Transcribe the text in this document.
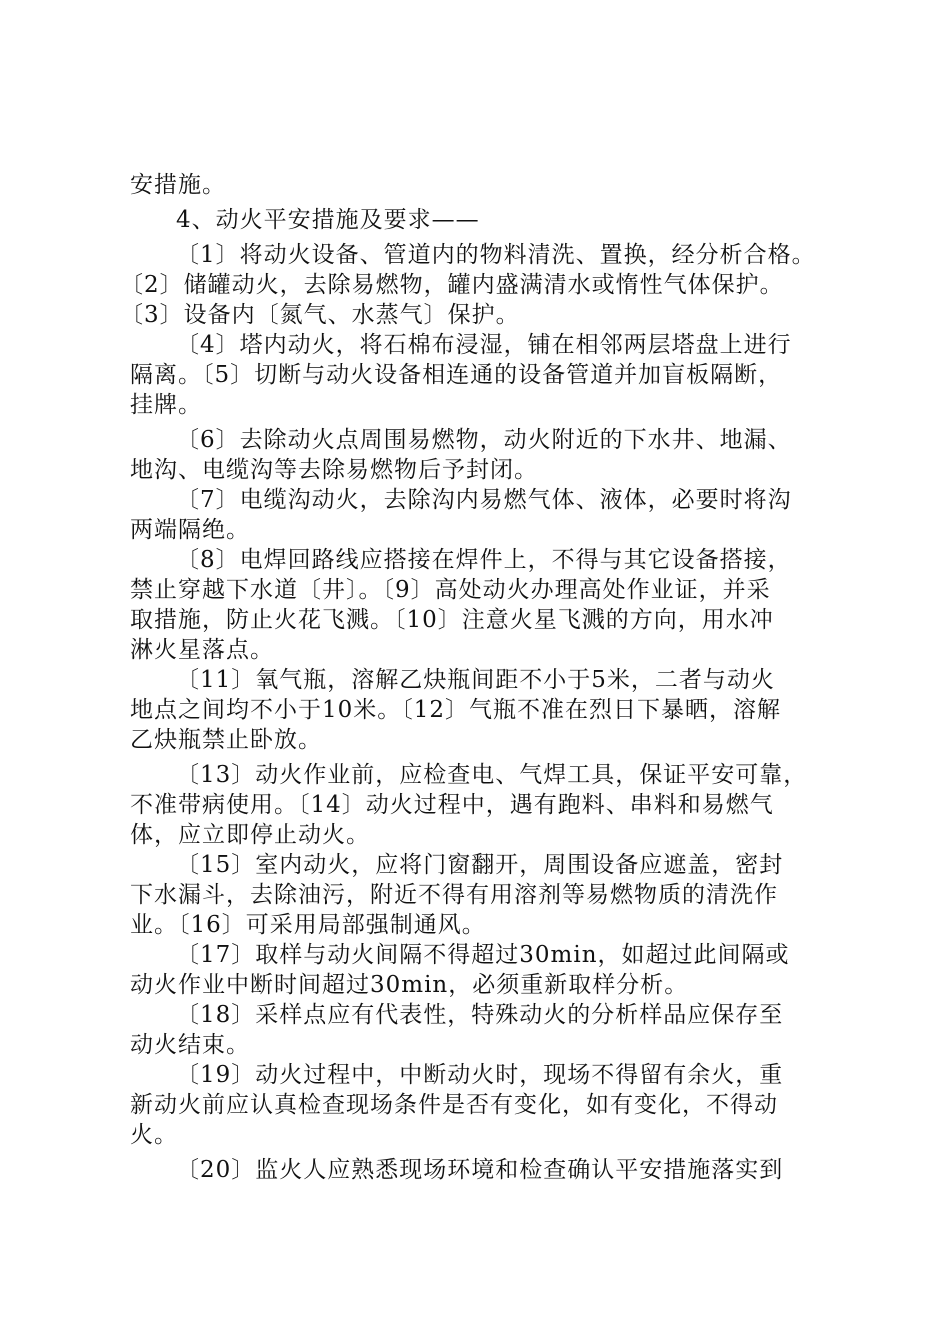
安措施。
4、动火平安措施及要求——
〔1〕将动火设备、管道内的物料清洗、置换，经分析合格。
〔2〕储罐动火，去除易燃物，罐内盛满清水或惰性气体保护。
〔3〕设备内〔氮气、水蒸气〕保护。
〔4〕塔内动火，将石棉布浸湿，铺在相邻两层塔盘上进行
隔离。〔5〕切断与动火设备相连通的设备管道并加盲板隔断，
挂牌。
〔6〕去除动火点周围易燃物，动火附近的下水井、地漏、
地沟、电缆沟等去除易燃物后予封闭。
〔7〕电缆沟动火，去除沟内易燃气体、液体，必要时将沟
两端隔绝。
〔8〕电焊回路线应搭接在焊件上，不得与其它设备搭接，
禁止穿越下水道〔井〕。〔9〕高处动火办理高处作业证，并采
取措施，防止火花飞溅。〔10〕注意火星飞溅的方向，用水冲
淋火星落点。
〔11〕氧气瓶，溶解乙炔瓶间距不小于5米，二者与动火
地点之间均不小于10米。〔12〕气瓶不准在烈日下暴晒，溶解
乙炔瓶禁止卧放。
〔13〕动火作业前，应检查电、气焊工具，保证平安可靠，
不准带病使用。〔14〕动火过程中，遇有跑料、串料和易燃气
体，应立即停止动火。
〔15〕室内动火，应将门窗翻开，周围设备应遮盖，密封
下水漏斗，去除油污，附近不得有用溶剂等易燃物质的清洗作
业。〔16〕可采用局部强制通风。
〔17〕取样与动火间隔不得超过30min，如超过此间隔或
动火作业中断时间超过30min，必须重新取样分析。
〔18〕采样点应有代表性，特殊动火的分析样品应保存至
动火结束。
〔19〕动火过程中，中断动火时，现场不得留有余火，重
新动火前应认真检查现场条件是否有变化，如有变化，不得动
火。
〔20〕监火人应熟悉现场环境和检查确认平安措施落实到
